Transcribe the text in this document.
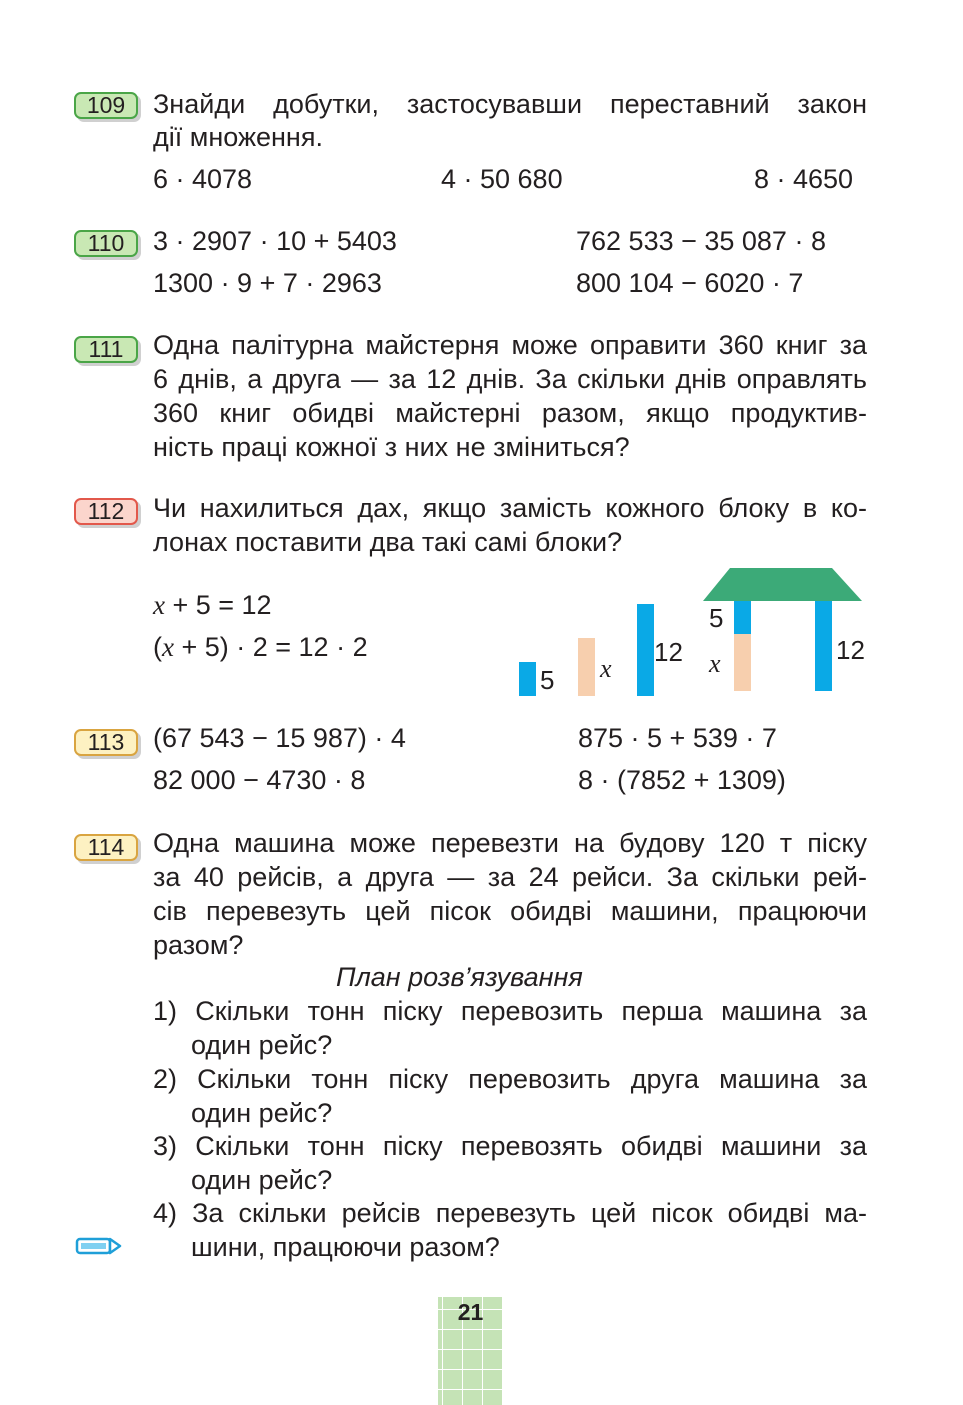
109	Знайди добутки, застосувавши переставний закон
дії множення.
6 · 4078	4 · 50 680	8 · 4650
110	3 · 2907 · 10 + 5403	762 533 − 35 087 · 8
1300 · 9 + 7 · 2963	800 104 − 6020 · 7
111	Одна палітурна майстерня може оправити 360 книг за
6 днів, а друга — за 12 днів. За скільки днів оправлять
360 книг обидві майстерні разом, якщо продуктив-
ність праці кожної з них не зміниться?
112	Чи нахилиться дах, якщо замість кожного блоку в ко-
лонах поставити два такі самі блоки?
x + 5 = 12
(x + 5) · 2 = 12 · 2
5 x
12
5
x	12
113	(67 543 − 15 987) · 4	875 · 5 + 539 · 7
82 000 − 4730 · 8	8 · (7852 + 1309)
114	Одна машина може перевезти на будову 120 т піску
за 40 рейсів, а друга — за 24 рейси. За скільки рей-
сів перевезуть цей пісок обидві машини, працюючи
разом?
План розв’язування
1) Скільки тонн піску перевозить перша машина за
один рейс?
2) Скільки тонн піску перевозить друга машина за
один рейс?
3) Скільки тонн піску перевозять обидві машини за
один рейс?
4) За скільки рейсів перевезуть цей пісок обидві ма-
шини, працюючи разом?
21
